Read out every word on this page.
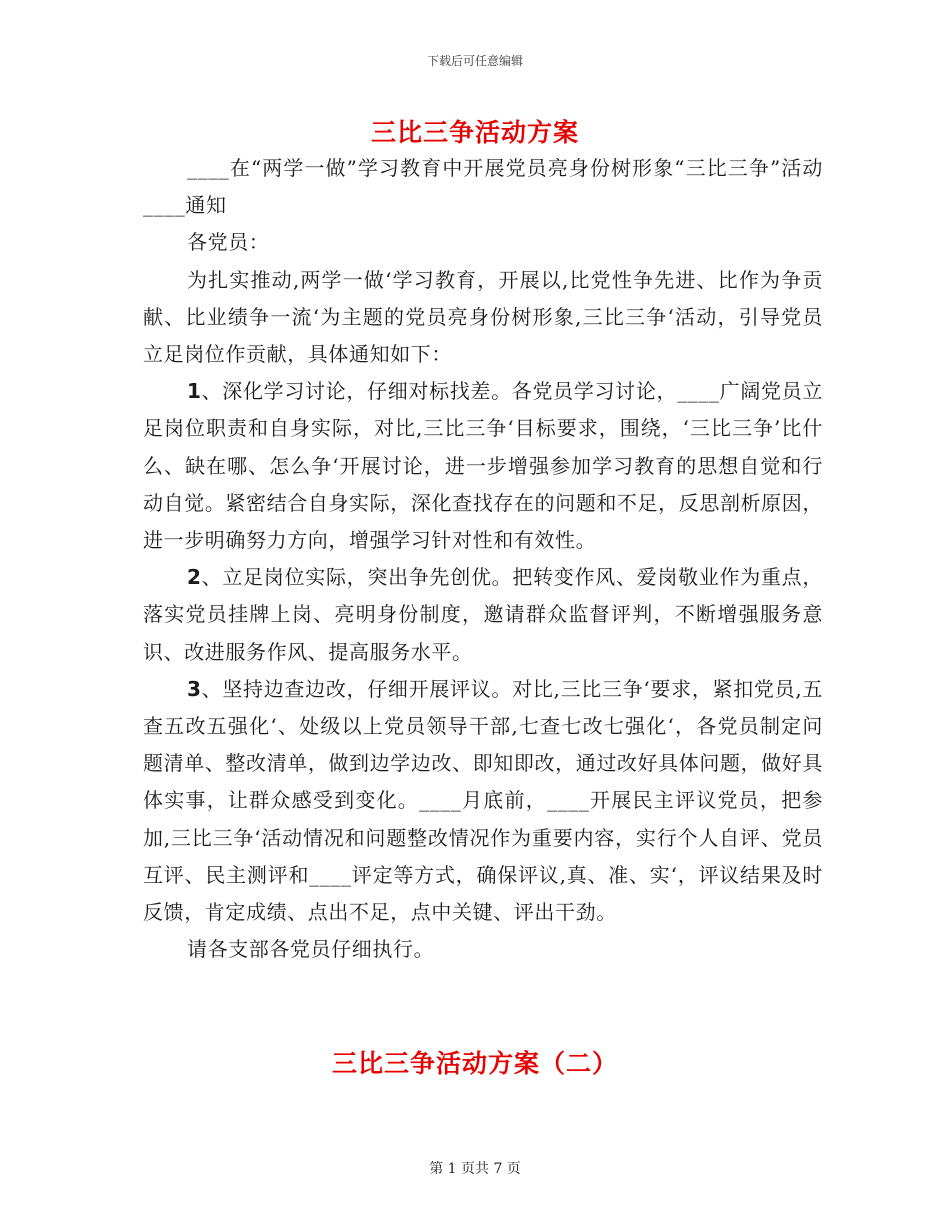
下载后可任意编辑
三比三争活动方案

____在“两学一做”学习教育中开展党员亮身份树形象“三比三争”活动____通知

各党员：

为扎实推动,两学一做‘学习教育，开展以,比党性争先进、比作为争贡献、比业绩争一流‘为主题的党员亮身份树形象,三比三争‘活动，引导党员立足岗位作贡献，具体通知如下：

1、深化学习讨论，仔细对标找差。各党员学习讨论，____广阔党员立足岗位职责和自身实际，对比,三比三争‘目标要求，围绕，‘三比三争’比什么、缺在哪、怎么争‘开展讨论，进一步增强参加学习教育的思想自觉和行动自觉。紧密结合自身实际，深化查找存在的问题和不足，反思剖析原因，进一步明确努力方向，增强学习针对性和有效性。

2、立足岗位实际，突出争先创优。把转变作风、爱岗敬业作为重点，落实党员挂牌上岗、亮明身份制度，邀请群众监督评判，不断增强服务意识、改进服务作风、提高服务水平。

3、坚持边查边改，仔细开展评议。对比,三比三争‘要求，紧扣党员,五查五改五强化‘、处级以上党员领导干部,七查七改七强化‘，各党员制定问题清单、整改清单，做到边学边改、即知即改，通过改好具体问题，做好具体实事，让群众感受到变化。____月底前，____开展民主评议党员，把参加,三比三争‘活动情况和问题整改情况作为重要内容，实行个人自评、党员互评、民主测评和____评定等方式，确保评议,真、准、实‘，评议结果及时反馈，肯定成绩、点出不足，点中关键、评出干劲。

请各支部各党员仔细执行。

三比三争活动方案（二）
第 1 页共 7 页
